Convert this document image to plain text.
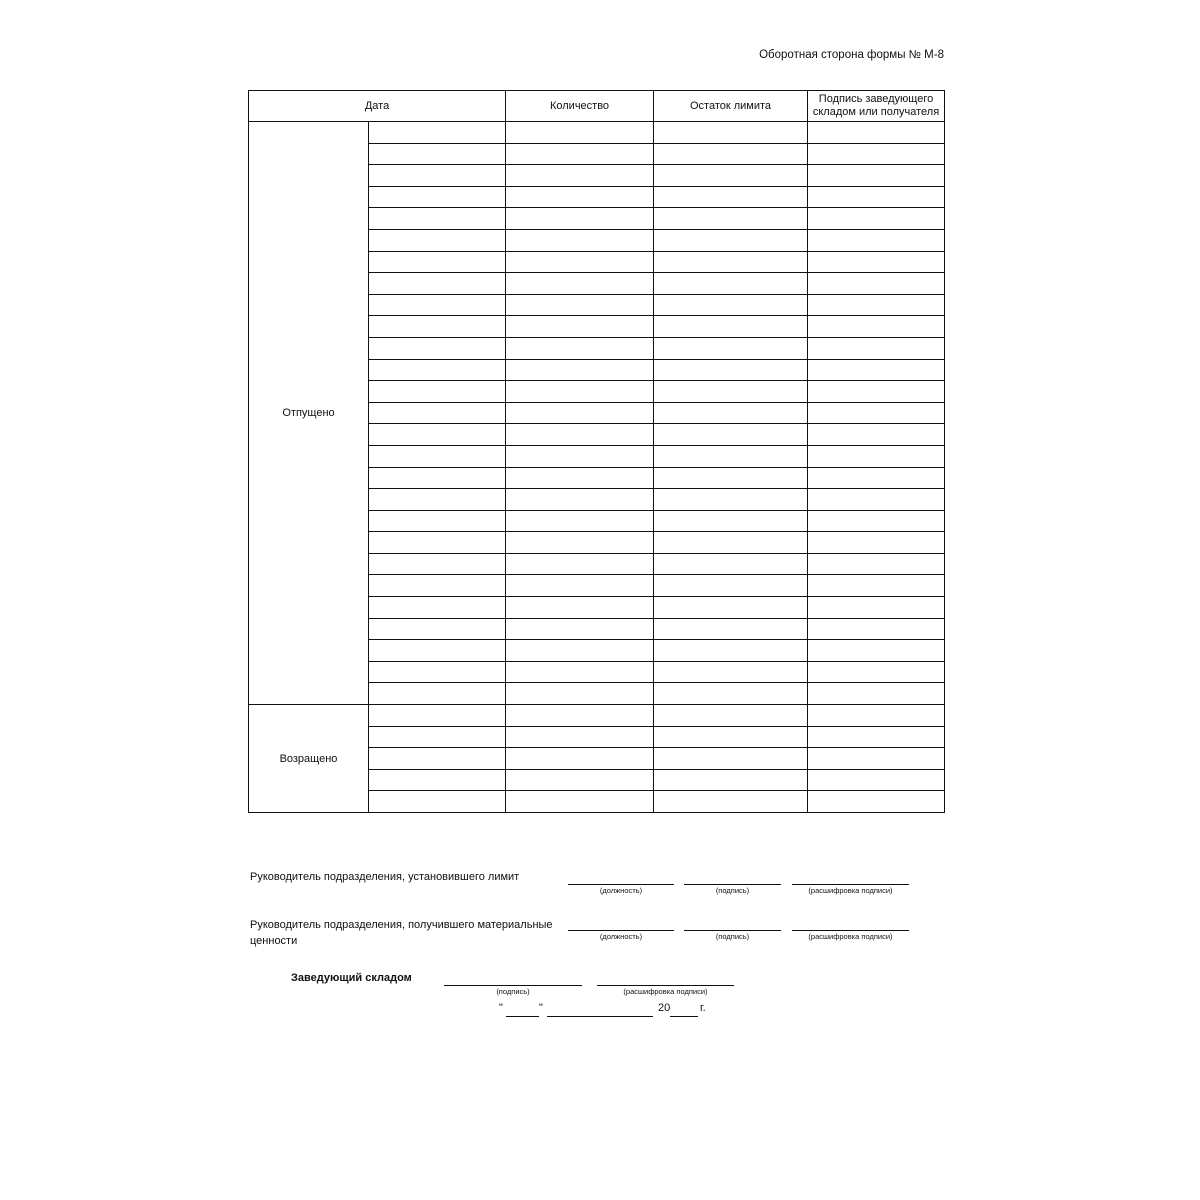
Оборотная сторона формы № М-8
Дата		Количество	Остаток лимита	Подпись заведующего складом или получателя
Отпущено				

Возращено				

Руководитель подразделения, установившего лимит
(должность)	(подпись)	(расшифровка подписи)
Руководитель подразделения, получившего материальные ценности	(должность)	(подпись)	(расшифровка подписи)
Заведующий складом
(подпись)	(расшифровка подписи)
"	"	20	г.
